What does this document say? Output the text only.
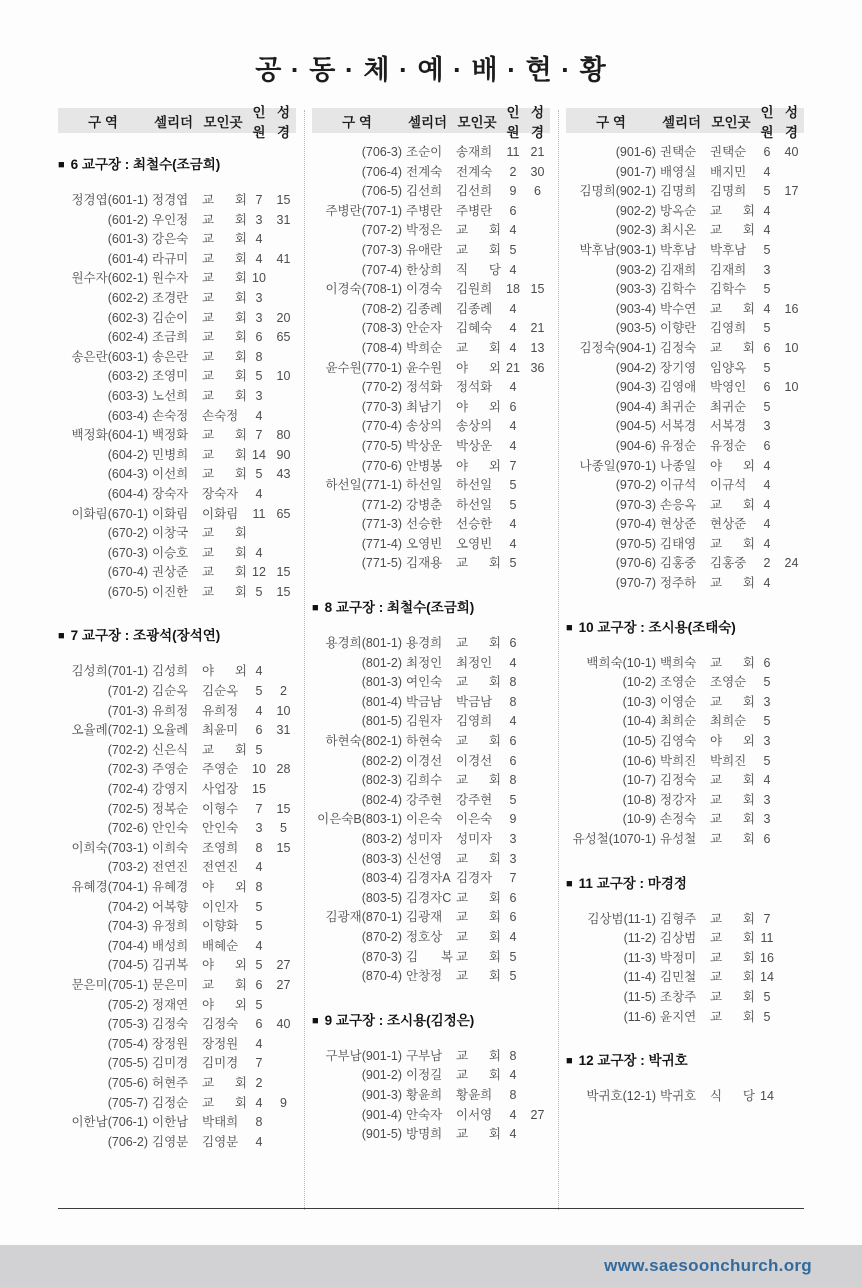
공 · 동 · 체 · 예 · 배 · 현 · 황
구 역	셀리더 모인곳
인원
성경
■ 6 교구장 : 최철수(조금희)
정경엽(601-1) 정경엽	교 회 7	15
(601-2) 우인정	교 회 3	31
(601-3) 강은숙	교 회 4
(601-4) 라규미	교 회 4	41
원수자(602-1) 원수자	교 회 10
(602-2) 조경란	교 회 3
(602-3) 김순이	교 회 3	20
(602-4) 조금희	교 회 6	65
송은란(603-1) 송은란	교 회 8
(603-2) 조영미	교 회 5	10
(603-3) 노선희	교 회 3
(603-4) 손숙정	손숙정	4
백정화(604-1) 백정화	교 회 7	80
(604-2) 민병희	교 회 14 90
(604-3) 이선희	교 회 5	43
(604-4) 장숙자	장숙자	4
이화림(670-1) 이화림	이화림	11 65
(670-2) 이창국	교 회
(670-3) 이승호	교 회 4
(670-4) 권상준	교 회 12 15
(670-5) 이진한	교 회 5	15
■ 7 교구장 : 조광석(장석연)
김성희(701-1) 김성희	야 외 4
(701-2) 김순옥	김순옥	5	2
(701-3) 유희정	유희정	4	10
오율례(702-1) 오율례	최윤미	6	31
(702-2) 신은식	교 회 5
(702-3) 주영순	주영순	10 28
(702-4) 강영지	사업장	15
(702-5) 정복순	이형수	7	15
(702-6) 안인숙	안인숙	3	5
이희숙(703-1) 이희숙	조영희	8	15
(703-2) 전연진	전연진	4
유혜경(704-1) 유혜경	야 외 8
(704-2) 어복향	이인자	5
(704-3) 유정희	이향화	5
(704-4) 배성희	배혜순	4
(704-5) 김귀복	야 외 5	27
문은미(705-1) 문은미	교 회 6	27
(705-2) 정재연	야 외 5
(705-3) 김정숙	김정숙	6	40
(705-4) 장정원	장정원	4
(705-5) 김미경	김미경	7
(705-6) 허현주	교 회 2
(705-7) 김정순	교 회 4	9
이한남(706-1) 이한남	박태희	8
(706-2) 김영분	김영분	4
구 역	셀리더 모인곳
인원
성경
(706-3) 조순이	송재희	11 21
(706-4) 전계숙	전계숙	2	30
(706-5) 김선희	김선희	9	6
주병란(707-1) 주병란	주병란	6
(707-2) 박정은	교 회 4
(707-3) 유애란	교 회 5
(707-4) 한상희	직 당 4
이경숙(708-1) 이경숙	김원희	18 15
(708-2) 김종례	김종례	4
(708-3) 안순자	김혜숙	4	21
(708-4) 박희순	교 회 4	13
윤수원(770-1) 윤수원	야 외 21 36
(770-2) 정석화	정석화	4
(770-3) 최남기	야 외 6
(770-4) 송상의	송상의	4
(770-5) 박상운	박상운	4
(770-6) 안병봉	야 외 7
하선일(771-1) 하선일	하선일	5
(771-2) 강병춘	하선일	5
(771-3) 선승한	선승한	4
(771-4) 오영빈	오영빈	4
(771-5) 김재용	교 회 5
■ 8 교구장 : 최철수(조금희)
용경희(801-1) 용경희	교 회 6
(801-2) 최정인	최정인	4
(801-3) 여인숙	교 회 8
(801-4) 박금남	박금남	8
(801-5) 김원자	김영희	4
하현숙(802-1) 하현숙	교 회 6
(802-2) 이경선	이경선	6
(802-3) 김희수	교 회 8
(802-4) 강주현	강주현	5
이은숙B(803-1) 이은숙	이은숙	9
(803-2) 성미자	성미자	3
(803-3) 신선영	교 회 3
(803-4) 김경자A 김경자	7
(803-5) 김경자C 교 회 6
김광재(870-1) 김광재	교 회 6
(870-2) 정호상	교 회 4
(870-3) 김 복 교 회 5
(870-4) 안창정	교 회 5
■ 9 교구장 : 조시용(김정은)
구부남(901-1) 구부남	교 회 8
(901-2) 이정길	교 회 4
(901-3) 황윤희	황윤희	8
(901-4) 안숙자	이서영	4	27
(901-5) 방명희	교 회 4
구 역	셀리더 모인곳
인원
성경
(901-6) 권택순	권택순	6	40
(901-7) 배영실	배지민	4
김명희(902-1) 김명희	김명희	5	17
(902-2) 방옥순	교 회 4
(902-3) 최시온	교 회 4
박후남(903-1) 박후남	박후남	5
(903-2) 김재희	김재희	3
(903-3) 김학수	김학수	5
(903-4) 박수연	교 회 4	16
(903-5) 이향란	김영희	5
김정숙(904-1) 김정숙	교 회 6	10
(904-2) 장기영	임양옥	5
(904-3) 김영애	박영인	6	10
(904-4) 최귀순	최귀순	5
(904-5) 서복경	서복경	3
(904-6) 유정순	유정순	6
나종일(970-1) 나종일	야 외 4
(970-2) 이규석	이규석	4
(970-3) 손응옥	교 회 4
(970-4) 현상준	현상준	4
(970-5) 김태영	교 회 4
(970-6) 김홍중	김홍중	2	24
(970-7) 정주하	교 회 4
■ 10 교구장 : 조시용(조태숙)
백희숙(10-1) 백희숙	교 회 6
(10-2) 조영순	조영순	5
(10-3) 이영순	교 회 3
(10-4) 최희순	최희순	5
(10-5) 김영숙	야 외 3
(10-6) 박희진	박희진	5
(10-7) 김정숙	교 회 4
(10-8) 정강자	교 회 3
(10-9) 손정숙	교 회 3
유성철(1070-1) 유성철	교 회 6
■ 11 교구장 : 마경정
김상범(11-1) 김형주	교 회 7
(11-2) 김상범	교 회 11
(11-3) 박정미	교 회 16
(11-4) 김민철	교 회 14
(11-5) 조창주	교 회 5
(11-6) 윤지연	교 회 5
■ 12 교구장 : 박귀호
박귀호(12-1) 박귀호	식 당 14
www.saesoonchurch.org
